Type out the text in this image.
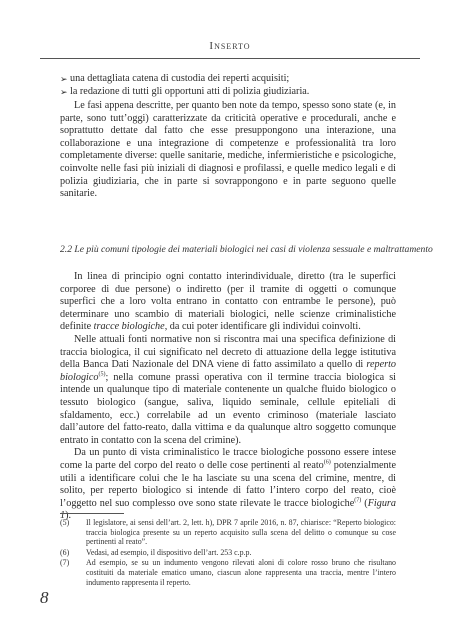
Inserto
➢ una dettagliata catena di custodia dei reperti acquisiti;
➢ la redazione di tutti gli opportuni atti di polizia giudiziaria.
Le fasi appena descritte, per quanto ben note da tempo, spesso sono state (e, in parte, sono tutt’oggi) caratterizzate da criticità operative e procedurali, anche e soprattutto dettate dal fatto che esse presuppongono una interazione, una collaborazione e una integrazione di competenze e professionalità tra loro completamente diverse: quelle sanitarie, mediche, infermieristiche e psicologiche, coinvolte nelle fasi più iniziali di diagnosi e profilassi, e quelle medico legali e di polizia giudiziaria, che in parte si sovrappongono e in parte seguono quelle sanitarie.
2.2 Le più comuni tipologie dei materiali biologici nei casi di violenza sessuale e maltrattamento

In linea di principio ogni contatto interindividuale, diretto (tra le superfici corporee di due persone) o indiretto (per il tramite di oggetti o comunque superfici che a loro volta entrano in contatto con entrambe le persone), può determinare uno scambio di materiali biologici, nelle scienze criminalistiche definite tracce biologiche, da cui poter identificare gli individui coinvolti.

Nelle attuali fonti normative non si riscontra mai una specifica definizione di traccia biologica, il cui significato nel decreto di attuazione della legge istitutiva della Banca Dati Nazionale del DNA viene di fatto assimilato a quello di reperto biologico$^{(5)}$; nella comune prassi operativa con il termine traccia biologica si intende un qualunque tipo di materiale contenente un qualche fluido biologico o tessuto biologico (sangue, saliva, liquido seminale, cellule epiteliali di sfaldamento, ecc.) correlabile ad un evento criminoso (materiale lasciato dall’autore del fatto-reato, dalla vittima e da qualunque altro soggetto comunque entrato in contatto con la scena del crimine).

Da un punto di vista criminalistico le tracce biologiche possono essere intese come la parte del corpo del reato o delle cose pertinenti al reato$^{(6)}$ potenzialmente utili a identificare colui che le ha lasciate su una scena del crimine, mentre, di solito, per reperto biologico si intende di fatto l’intero corpo del reato, cioè l’oggetto nel suo complesso ove sono state rilevate le tracce biologiche$^{(7)}$ (Figura 1).

(5)	Il legislatore, ai sensi dell’art. 2, lett. h), DPR 7 aprile 2016, n. 87, chiarisce: “Reperto biologico: traccia biologica presente su un reperto acquisito sulla scena del delitto o comunque su cose pertinenti al reato”.
(6)	Vedasi, ad esempio, il dispositivo dell’art. 253 c.p.p.
(7)	Ad esempio, se su un indumento vengono rilevati aloni di colore rosso bruno che risultano costituiti da materiale ematico umano, ciascun alone rappresenta una traccia, mentre l’intero indumento rappresenta il reperto.
8
